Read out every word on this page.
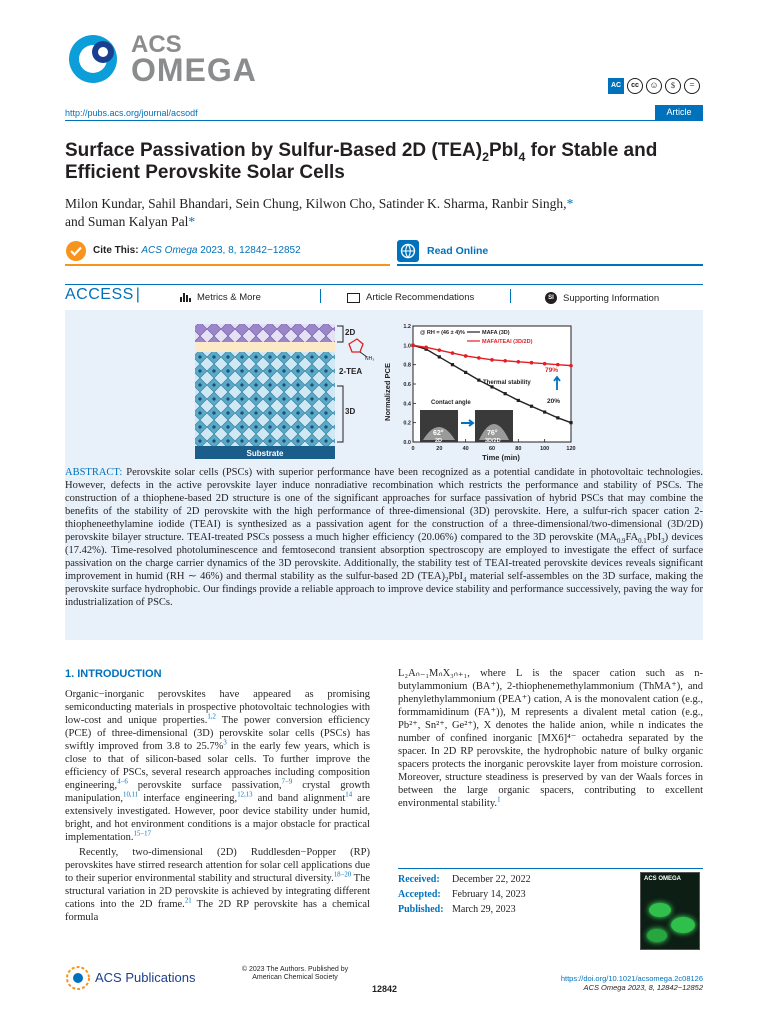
ACS
OMEGA	AC	cc	☺	$	=
http://pubs.acs.org/journal/acsodf	Article
Surface Passivation by Sulfur-Based 2D $(TEA)_2PbI_4$ for Stable and Efficient Perovskite Solar Cells
Milon Kundar, Sahil Bhandari, Sein Chung, Kilwon Cho, Satinder K. Sharma, Ranbir Singh,*
and Suman Kalyan Pal*
Cite This: ACS Omega 2023, 8, 12842−12852	Read Online
ACCESS |	Metrics & More	Article Recommendations	SI Supporting Information
Substrate
2D
NH₃
2-TEA
3D
0.0
0.2
0.4
0.6
0.8
1.0
1.2
0	20	40	60	80	100	120
Normalized PCE
Time (min)
@ RH = (46 ± 4)%	MAFA (3D)
MAFA/TEAI (3D/2D)
79%
Thermal stability
20%
Contact angle
62°
2D
76°
3D/2D
ABSTRACT: Perovskite solar cells (PSCs) with superior performance have been recognized as a potential candidate in photovoltaic technologies. However, defects in the active perovskite layer induce nonradiative recombination which restricts the performance and stability of PSCs. The construction of a thiophene-based 2D structure is one of the significant approaches for surface passivation of hybrid PSCs that may combine the benefits of the stability of 2D perovskite with the high performance of three-dimensional (3D) perovskite. Here, a sulfur-rich spacer cation 2-thiopheneethylamine iodide (TEAI) is synthesized as a passivation agent for the construction of a three-dimensional/two-dimensional (3D/2D) perovskite bilayer structure. TEAI-treated PSCs possess a much higher efficiency (20.06%) compared to the 3D perovskite $(MA_{0.9}FA_{0.1}PbI_3)$ devices (17.42%). Time-resolved photoluminescence and femtosecond transient absorption spectroscopy are employed to investigate the effect of surface passivation on the charge carrier dynamics of the 3D perovskite. Additionally, the stability test of TEAI-treated perovskite devices reveals significant improvement in humid (RH ∼ 46%) and thermal stability as the sulfur-based 2D $(TEA)_2PbI_4$ material self-assembles on the 3D surface, making the perovskite surface hydrophobic. Our findings provide a reliable approach to improve device stability and performance successively, paving the way for industrialization of PSCs.
1. INTRODUCTION

Organic−inorganic perovskites have appeared as promising semiconducting materials in prospective photovoltaic technologies with low-cost and unique properties.$^{1,2}$ The power conversion efficiency (PCE) of three-dimensional (3D) perovskite solar cells (PSCs) has swiftly improved from 3.8 to 25.7%$^3$ in the early few years, which is close to that of silicon-based solar cells. To further improve the efficiency of PSCs, several research approaches including composition engineering,$^{4-6}$ perovskite surface passivation,$^{7-9}$ crystal growth manipulation,$^{10,11}$ interface engineering,$^{12,13}$ and band alignment$^{14}$ are extensively investigated. However, poor device stability under humid, bright, and hot environment conditions is a major obstacle for practical implementation.$^{15-17}$

Recently, two-dimensional (2D) Ruddlesden−Popper (RP) perovskites have stirred research attention for solar cell applications due to their superior environmental stability and structural diversity.$^{18-20}$ The structural variation in 2D perovskite is achieved by integrating different cations into the 2D frame.$^{21}$ The 2D RP perovskite has a chemical formula

L₂Aₙ₋₁MₙX₃ₙ₊₁, where L is the spacer cation such as n-butylammonium (BA⁺), 2-thiophenemethylammonium (ThMA⁺), and phenylethylammonium (PEA⁺) cation, A is the monovalent cation (e.g., formmamidinum (FA⁺)), M represents a divalent metal cation (e.g., Pb²⁺, Sn²⁺, Ge²⁺), X denotes the halide anion, while n indicates the number of confined inorganic [MX6]⁴⁻ octahedra separated by the spacer. In 2D RP perovskite, the hydrophobic nature of bulky organic spacers protects the inorganic perovskite layer from moisture corrosion. Moreover, structure steadiness is preserved by van der Waals forces in between the large organic spacers, contributing to excellent environmental stability.$^1$

Received: December 22, 2022
Accepted: February 14, 2023
Published: March 29, 2023
ACS OMEGA
ACS Publications
© 2023 The Authors. Published by American Chemical Society
12842
https://doi.org/10.1021/acsomega.2c08126
ACS Omega 2023, 8, 12842−12852
